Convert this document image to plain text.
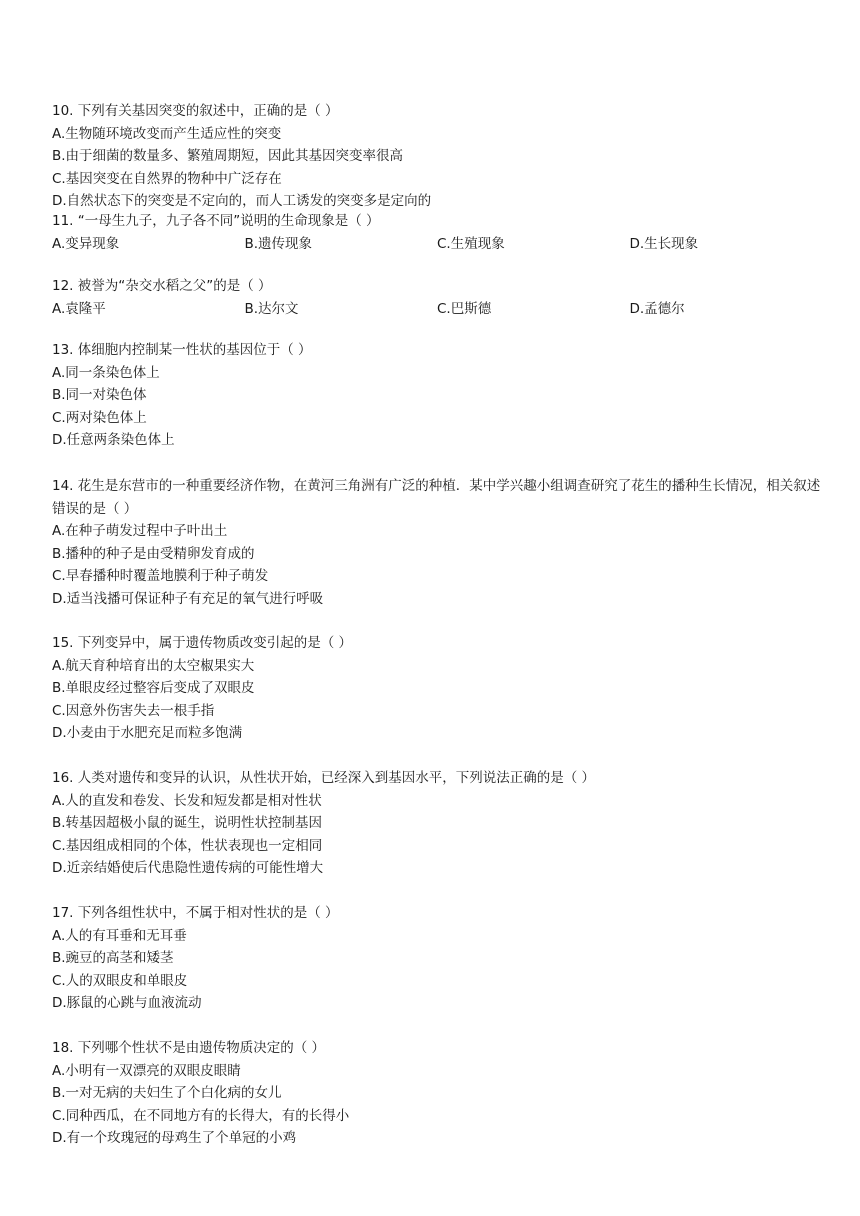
10. 下列有关基因突变的叙述中，正确的是（ ）
A.生物随环境改变而产生适应性的突变
B.由于细菌的数量多、繁殖周期短，因此其基因突变率很高
C.基因突变在自然界的物种中广泛存在
D.自然状态下的突变是不定向的，而人工诱发的突变多是定向的
11. “一母生九子，九子各不同”说明的生命现象是（ ）
A.变异现象	B.遗传现象	C.生殖现象	D.生长现象
12. 被誉为“杂交水稻之父”的是（ ）
A.袁隆平	B.达尔文	C.巴斯德	D.孟德尔
13. 体细胞内控制某一性状的基因位于（ ）
A.同一条染色体上
B.同一对染色体
C.两对染色体上
D.任意两条染色体上
14. 花生是东营市的一种重要经济作物，在黄河三角洲有广泛的种植．某中学兴趣小组调查研究了花生的播种生长情况，相关叙述错误的是（ ）
A.在种子萌发过程中子叶出土
B.播种的种子是由受精卵发育成的
C.早春播种时覆盖地膜利于种子萌发
D.适当浅播可保证种子有充足的氧气进行呼吸
15. 下列变异中，属于遗传物质改变引起的是（ ）
A.航天育种培育出的太空椒果实大
B.单眼皮经过整容后变成了双眼皮
C.因意外伤害失去一根手指
D.小麦由于水肥充足而粒多饱满
16. 人类对遗传和变异的认识，从性状开始，已经深入到基因水平，下列说法正确的是（ ）
A.人的直发和卷发、长发和短发都是相对性状
B.转基因超极小鼠的诞生，说明性状控制基因
C.基因组成相同的个体，性状表现也一定相同
D.近亲结婚使后代患隐性遗传病的可能性增大
17. 下列各组性状中，不属于相对性状的是（ ）
A.人的有耳垂和无耳垂
B.豌豆的高茎和矮茎
C.人的双眼皮和单眼皮
D.豚鼠的心跳与血液流动
18. 下列哪个性状不是由遗传物质决定的（ ）
A.小明有一双漂亮的双眼皮眼睛
B.一对无病的夫妇生了个白化病的女儿
C.同种西瓜，在不同地方有的长得大，有的长得小
D.有一个玫瑰冠的母鸡生了个单冠的小鸡
